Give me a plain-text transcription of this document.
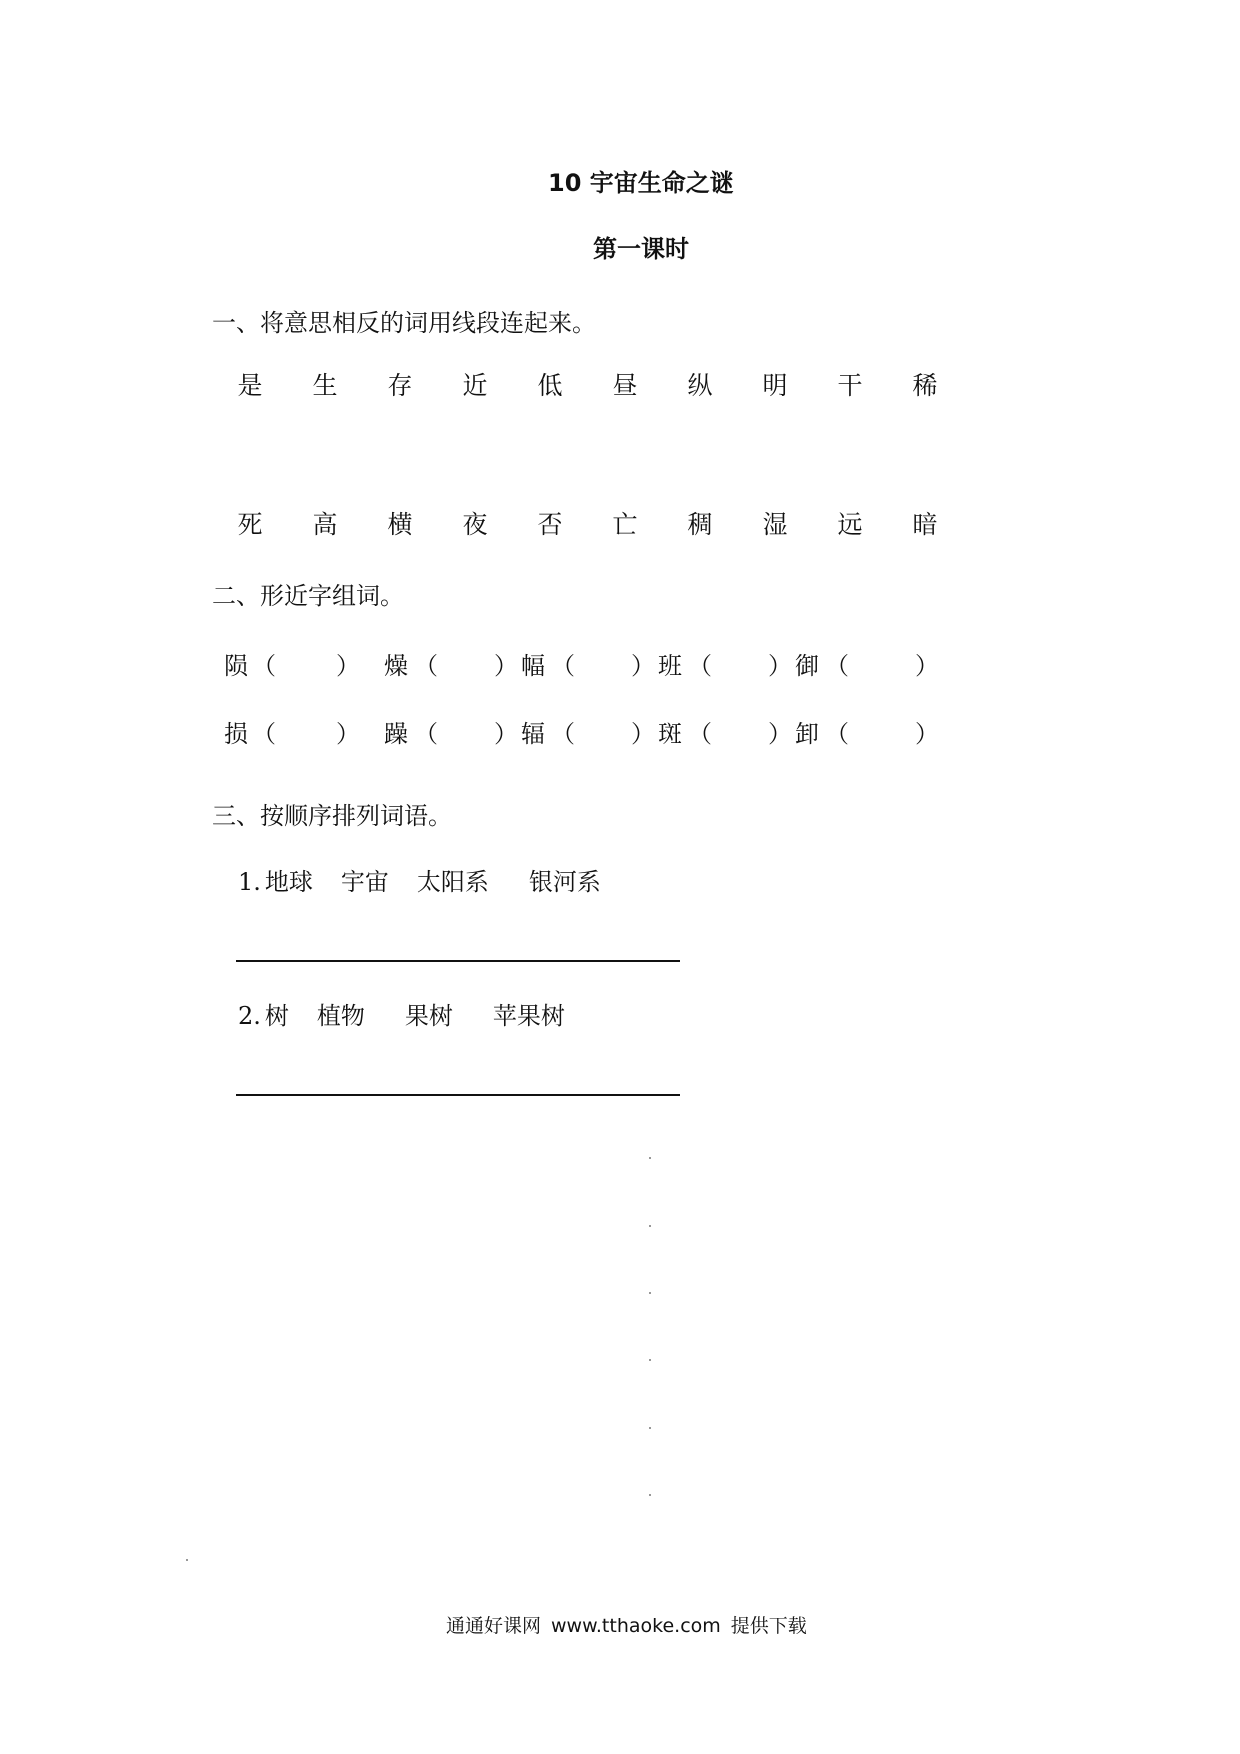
10 宇宙生命之谜
第一课时
一、将意思相反的词用线段连起来。
是 生 存 近 低 昼 纵 明 干 稀
死 高 横 夜 否 亡 稠 湿 远 暗
二、形近字组词。
陨 （	） 燥 （ ） 幅 （ ） 班 （ ） 御 （	）
损 （	） 躁 （ ） 辐 （ ） 斑 （ ） 卸 （	）
三、按顺序排列词语。
1. 地球 宇宙 太阳系 银河系
2. 树 植物 果树 苹果树
通通好课网 www.tthaoke.com 提供下载
